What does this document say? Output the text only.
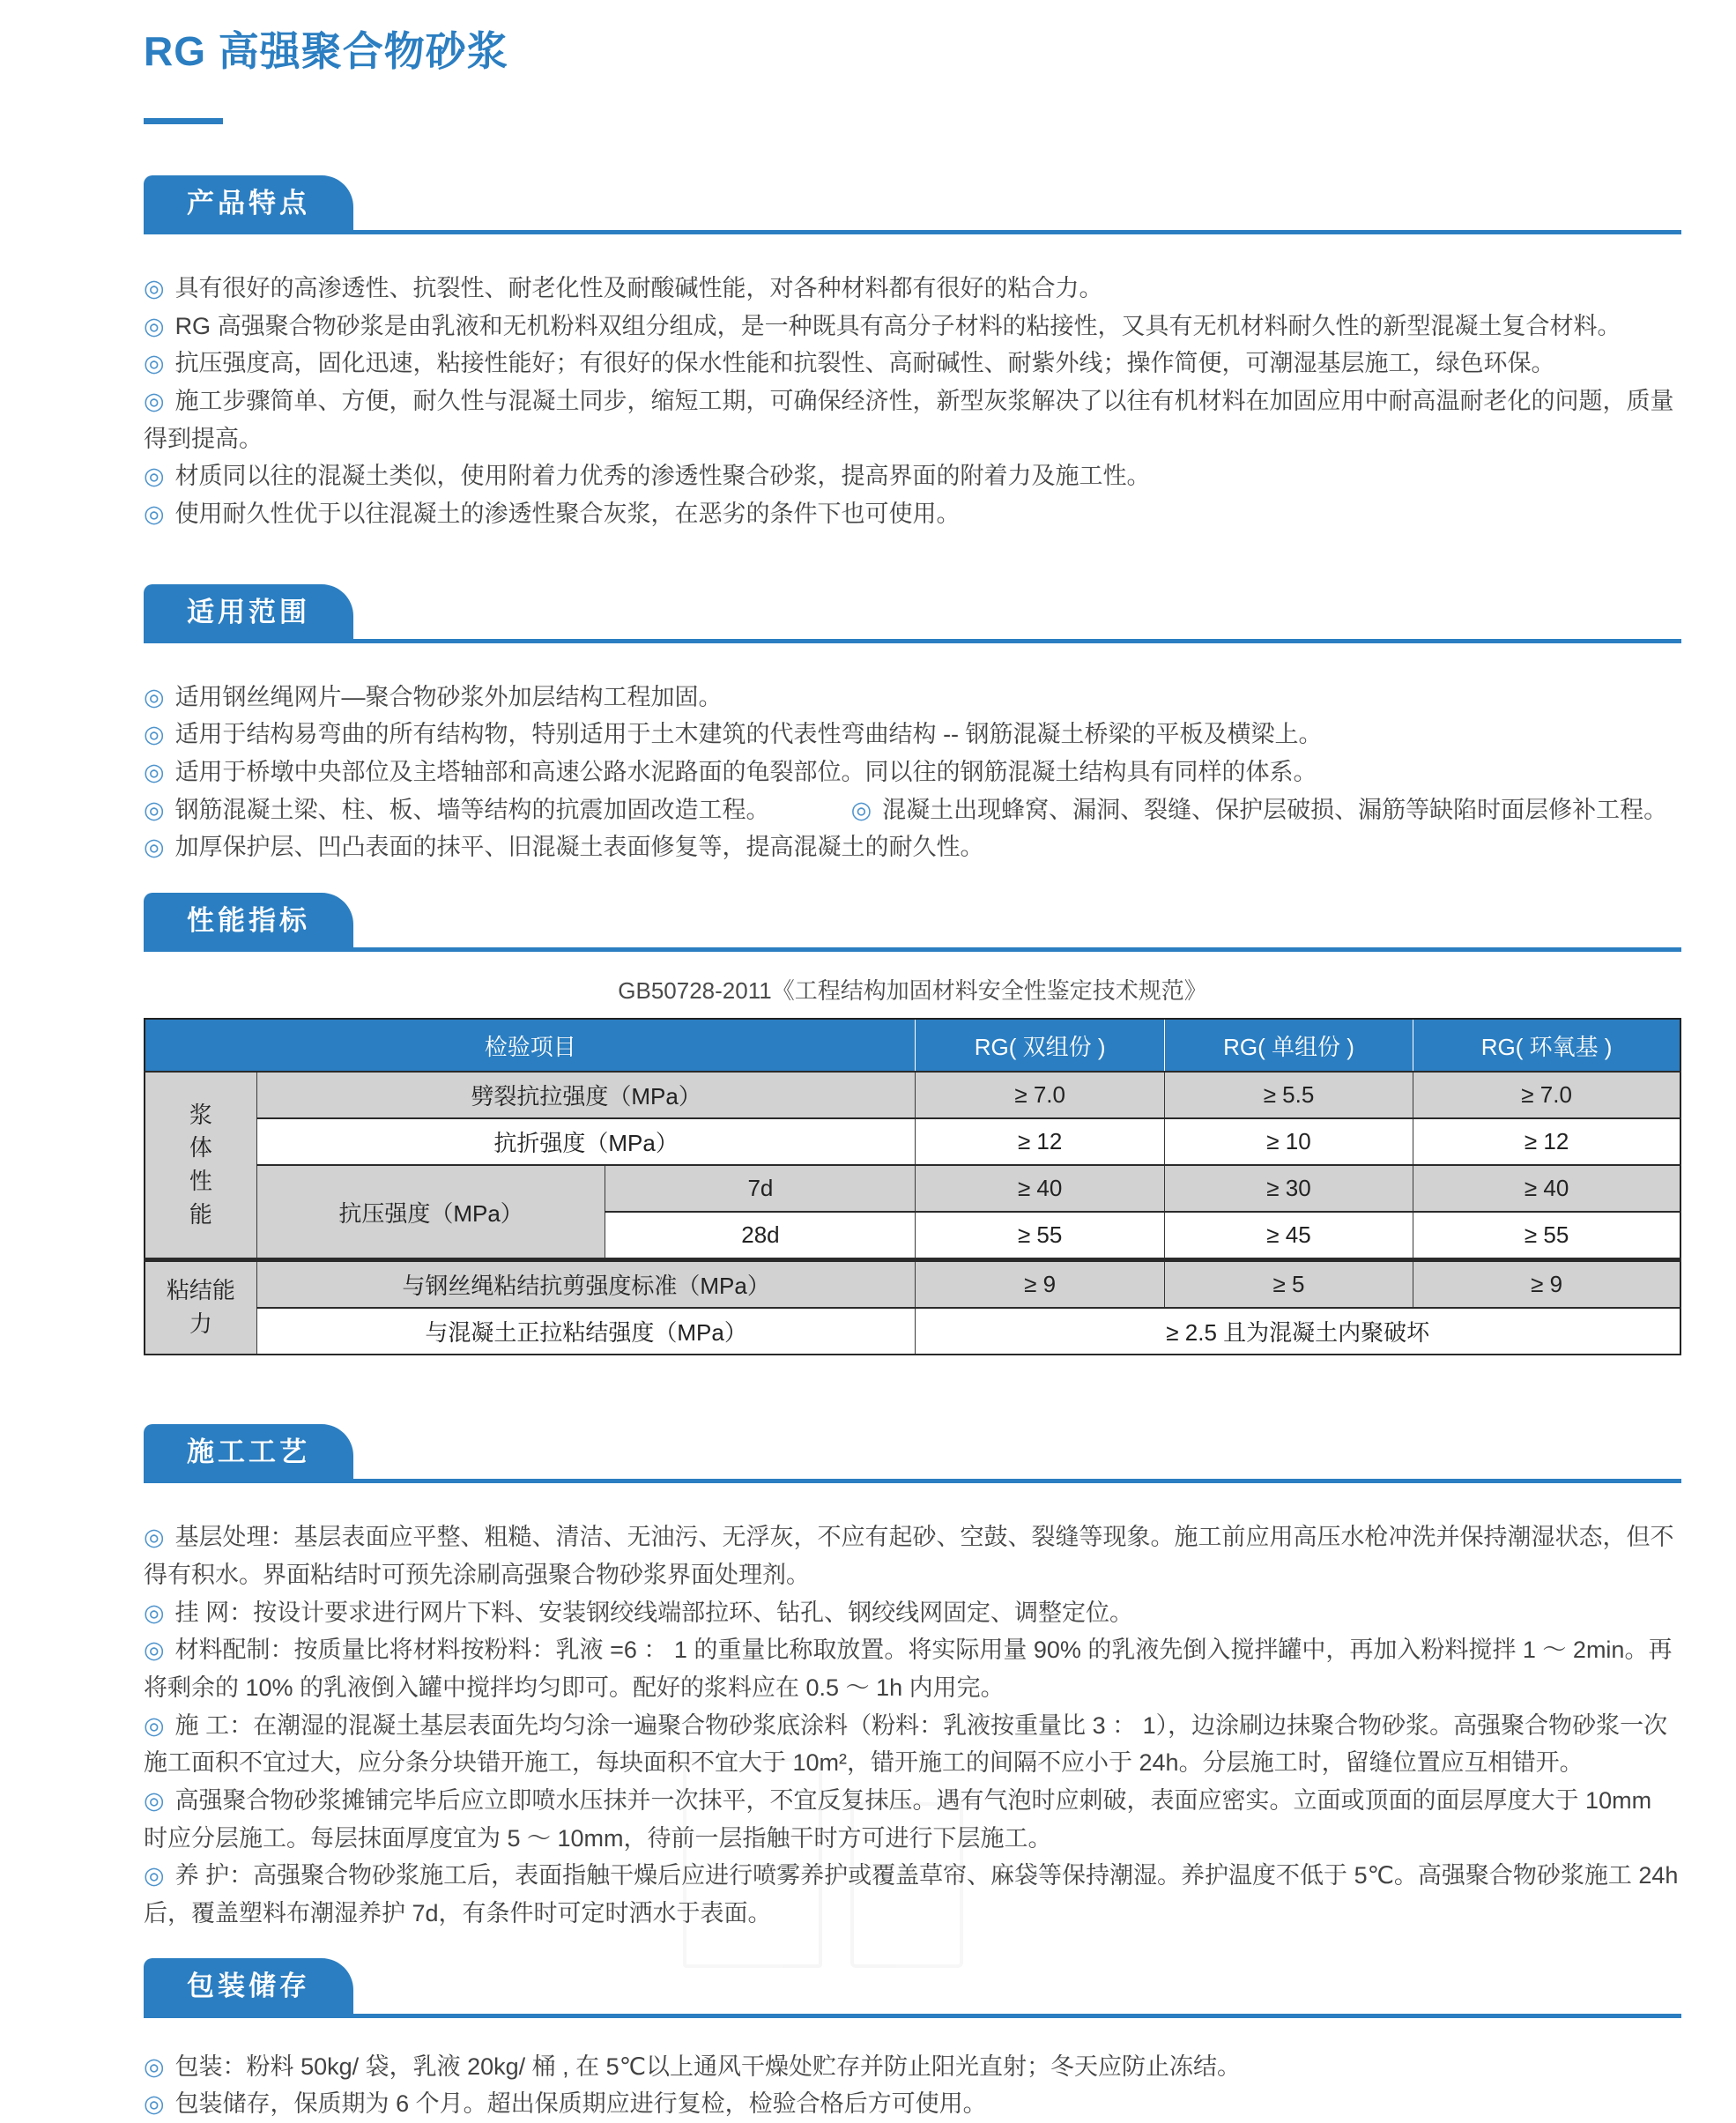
RG 高强聚合物砂浆
产品特点

◎ 具有很好的高渗透性、抗裂性、耐老化性及耐酸碱性能，对各种材料都有很好的粘合力。

◎ RG 高强聚合物砂浆是由乳液和无机粉料双组分组成，是一种既具有高分子材料的粘接性，又具有无机材料耐久性的新型混凝土复合材料。

◎ 抗压强度高，固化迅速，粘接性能好；有很好的保水性能和抗裂性、高耐碱性、耐紫外线；操作简便，可潮湿基层施工，绿色环保。

◎ 施工步骤简单、方便，耐久性与混凝土同步，缩短工期，可确保经济性，新型灰浆解决了以往有机材料在加固应用中耐高温耐老化的问题，质量得到提高。

◎ 材质同以往的混凝土类似，使用附着力优秀的渗透性聚合砂浆，提高界面的附着力及施工性。

◎ 使用耐久性优于以往混凝土的渗透性聚合灰浆，在恶劣的条件下也可使用。

适用范围

◎ 适用钢丝绳网片—聚合物砂浆外加层结构工程加固。

◎ 适用于结构易弯曲的所有结构物，特别适用于土木建筑的代表性弯曲结构 -- 钢筋混凝土桥梁的平板及横梁上。

◎ 适用于桥墩中央部位及主塔轴部和高速公路水泥路面的龟裂部位。同以往的钢筋混凝土结构具有同样的体系。

◎ 钢筋混凝土梁、柱、板、墙等结构的抗震加固改造工程。	◎ 混凝土出现蜂窝、漏洞、裂缝、保护层破损、漏筋等缺陷时面层修补工程。

◎ 加厚保护层、凹凸表面的抹平、旧混凝土表面修复等，提高混凝土的耐久性。

性能指标
GB50728-2011《工程结构加固材料安全性鉴定技术规范》
检验项目			RG( 双组份 )	RG( 单组份 )	RG( 环氧基 )

浆
体
性
能	劈裂抗拉强度（MPa）		≥ 7.0	≥ 5.5	≥ 7.0
	抗折强度（MPa）		≥ 12	≥ 10	≥ 12
	抗压强度（MPa）	7d	≥ 40	≥ 30	≥ 40
		28d	≥ 55	≥ 45	≥ 55

粘结能
力	与钢丝绳粘结抗剪强度标准（MPa）		≥ 9	≥ 5	≥ 9
	与混凝土正拉粘结强度（MPa）		≥ 2.5 且为混凝土内聚破坏		
施工工艺

◎ 基层处理：基层表面应平整、粗糙、清洁、无油污、无浮灰，不应有起砂、空鼓、裂缝等现象。施工前应用高压水枪冲洗并保持潮湿状态，但不得有积水。界面粘结时可预先涂刷高强聚合物砂浆界面处理剂。

◎ 挂 网：按设计要求进行网片下料、安装钢绞线端部拉环、钻孔、钢绞线网固定、调整定位。

◎ 材料配制：按质量比将材料按粉料：乳液 =6 ： 1 的重量比称取放置。将实际用量 90% 的乳液先倒入搅拌罐中，再加入粉料搅拌 1 ～ 2min。再将剩余的 10% 的乳液倒入罐中搅拌均匀即可。配好的浆料应在 0.5 ～ 1h 内用完。

◎ 施 工：在潮湿的混凝土基层表面先均匀涂一遍聚合物砂浆底涂料（粉料：乳液按重量比 3 ： 1），边涂刷边抹聚合物砂浆。高强聚合物砂浆一次施工面积不宜过大，应分条分块错开施工，每块面积不宜大于 10m²，错开施工的间隔不应小于 24h。分层施工时，留缝位置应互相错开。

◎ 高强聚合物砂浆摊铺完毕后应立即喷水压抹并一次抹平，不宜反复抹压。遇有气泡时应刺破，表面应密实。立面或顶面的面层厚度大于 10mm 时应分层施工。每层抹面厚度宜为 5 ～ 10mm，待前一层指触干时方可进行下层施工。

◎ 养 护：高强聚合物砂浆施工后，表面指触干燥后应进行喷雾养护或覆盖草帘、麻袋等保持潮湿。养护温度不低于 5℃。高强聚合物砂浆施工 24h 后，覆盖塑料布潮湿养护 7d，有条件时可定时洒水于表面。

包装储存

◎ 包装：粉料 50kg/ 袋，乳液 20kg/ 桶 , 在 5℃以上通风干燥处贮存并防止阳光直射；冬天应防止冻结。

◎ 包装储存，保质期为 6 个月。超出保质期应进行复检，检验合格后方可使用。
